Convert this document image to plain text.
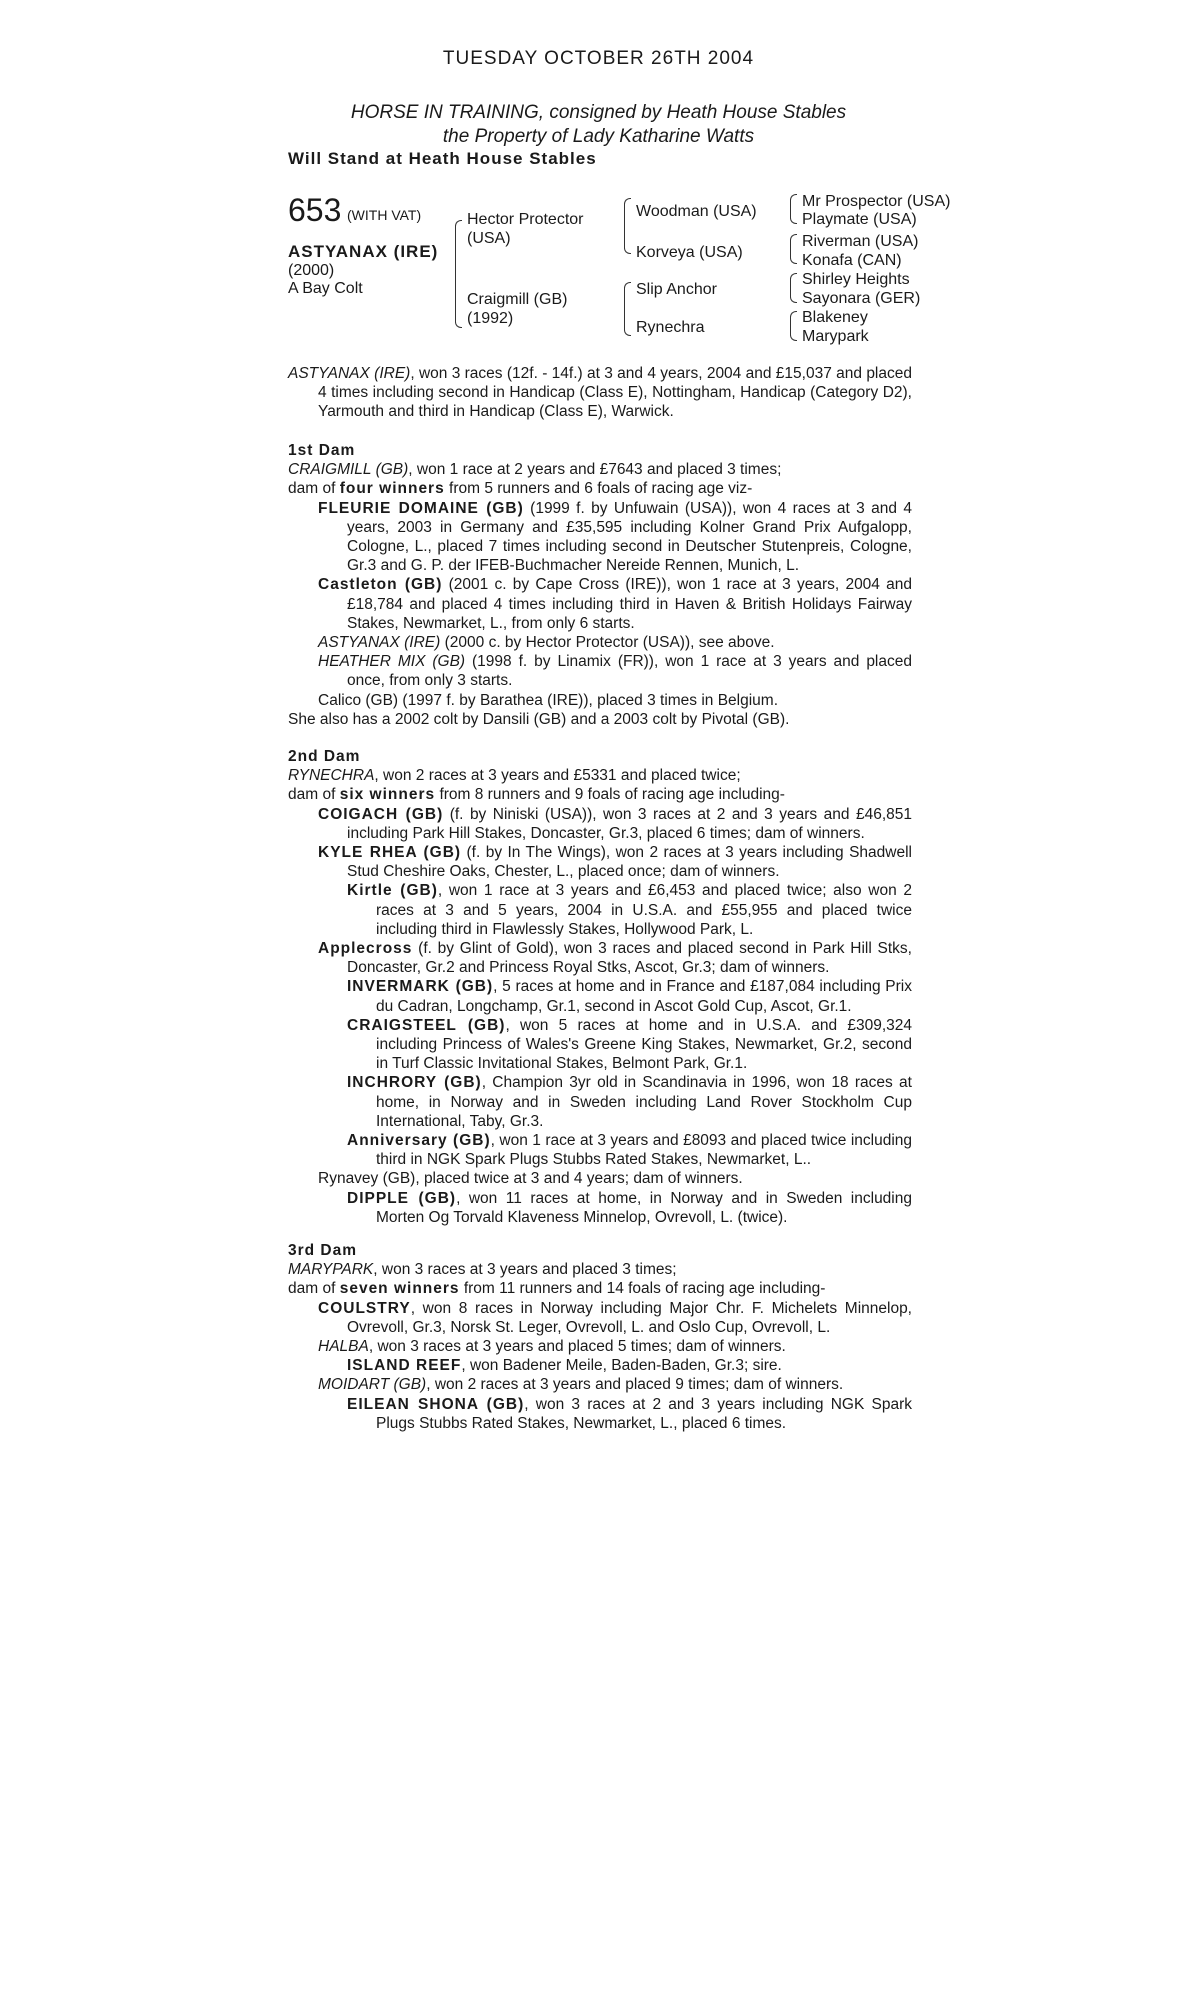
TUESDAY OCTOBER 26TH 2004
HORSE IN TRAINING, consigned by Heath House Stables
the Property of Lady Katharine Watts
Will Stand at Heath House Stables
653 (WITH VAT)
ASTYANAX (IRE)
(2000)
A Bay Colt
Hector Protector (USA)
Craigmill (GB) (1992)
Woodman (USA)
Korveya (USA)
Slip Anchor
Rynechra
Mr Prospector (USA)
Playmate (USA)
Riverman (USA)
Konafa (CAN)
Shirley Heights
Sayonara (GER)
Blakeney
Marypark
ASTYANAX (IRE), won 3 races (12f. - 14f.) at 3 and 4 years, 2004 and £15,037 and placed 4 times including second in Handicap (Class E), Nottingham, Handicap (Category D2), Yarmouth and third in Handicap (Class E), Warwick.
1st Dam
CRAIGMILL (GB), won 1 race at 2 years and £7643 and placed 3 times;
dam of four winners from 5 runners and 6 foals of racing age viz-
FLEURIE DOMAINE (GB) (1999 f. by Unfuwain (USA)), won 4 races at 3 and 4 years, 2003 in Germany and £35,595 including Kolner Grand Prix Aufgalopp, Cologne, L., placed 7 times including second in Deutscher Stutenpreis, Cologne, Gr.3 and G. P. der IFEB-Buchmacher Nereide Rennen, Munich, L.
Castleton (GB) (2001 c. by Cape Cross (IRE)), won 1 race at 3 years, 2004 and £18,784 and placed 4 times including third in Haven & British Holidays Fairway Stakes, Newmarket, L., from only 6 starts.
ASTYANAX (IRE) (2000 c. by Hector Protector (USA)), see above.
HEATHER MIX (GB) (1998 f. by Linamix (FR)), won 1 race at 3 years and placed once, from only 3 starts.
Calico (GB) (1997 f. by Barathea (IRE)), placed 3 times in Belgium.
She also has a 2002 colt by Dansili (GB) and a 2003 colt by Pivotal (GB).
2nd Dam
RYNECHRA, won 2 races at 3 years and £5331 and placed twice;
dam of six winners from 8 runners and 9 foals of racing age including-
COIGACH (GB) (f. by Niniski (USA)), won 3 races at 2 and 3 years and £46,851 including Park Hill Stakes, Doncaster, Gr.3, placed 6 times; dam of winners.
KYLE RHEA (GB) (f. by In The Wings), won 2 races at 3 years including Shadwell Stud Cheshire Oaks, Chester, L., placed once; dam of winners.
Kirtle (GB), won 1 race at 3 years and £6,453 and placed twice; also won 2 races at 3 and 5 years, 2004 in U.S.A. and £55,955 and placed twice including third in Flawlessly Stakes, Hollywood Park, L.
Applecross (f. by Glint of Gold), won 3 races and placed second in Park Hill Stks, Doncaster, Gr.2 and Princess Royal Stks, Ascot, Gr.3; dam of winners.
INVERMARK (GB), 5 races at home and in France and £187,084 including Prix du Cadran, Longchamp, Gr.1, second in Ascot Gold Cup, Ascot, Gr.1.
CRAIGSTEEL (GB), won 5 races at home and in U.S.A. and £309,324 including Princess of Wales's Greene King Stakes, Newmarket, Gr.2, second in Turf Classic Invitational Stakes, Belmont Park, Gr.1.
INCHRORY (GB), Champion 3yr old in Scandinavia in 1996, won 18 races at home, in Norway and in Sweden including Land Rover Stockholm Cup International, Taby, Gr.3.
Anniversary (GB), won 1 race at 3 years and £8093 and placed twice including third in NGK Spark Plugs Stubbs Rated Stakes, Newmarket, L..
Rynavey (GB), placed twice at 3 and 4 years; dam of winners.
DIPPLE (GB), won 11 races at home, in Norway and in Sweden including Morten Og Torvald Klaveness Minnelop, Ovrevoll, L. (twice).
3rd Dam
MARYPARK, won 3 races at 3 years and placed 3 times;
dam of seven winners from 11 runners and 14 foals of racing age including-
COULSTRY, won 8 races in Norway including Major Chr. F. Michelets Minnelop, Ovrevoll, Gr.3, Norsk St. Leger, Ovrevoll, L. and Oslo Cup, Ovrevoll, L.
HALBA, won 3 races at 3 years and placed 5 times; dam of winners.
ISLAND REEF, won Badener Meile, Baden-Baden, Gr.3; sire.
MOIDART (GB), won 2 races at 3 years and placed 9 times; dam of winners.
EILEAN SHONA (GB), won 3 races at 2 and 3 years including NGK Spark Plugs Stubbs Rated Stakes, Newmarket, L., placed 6 times.
